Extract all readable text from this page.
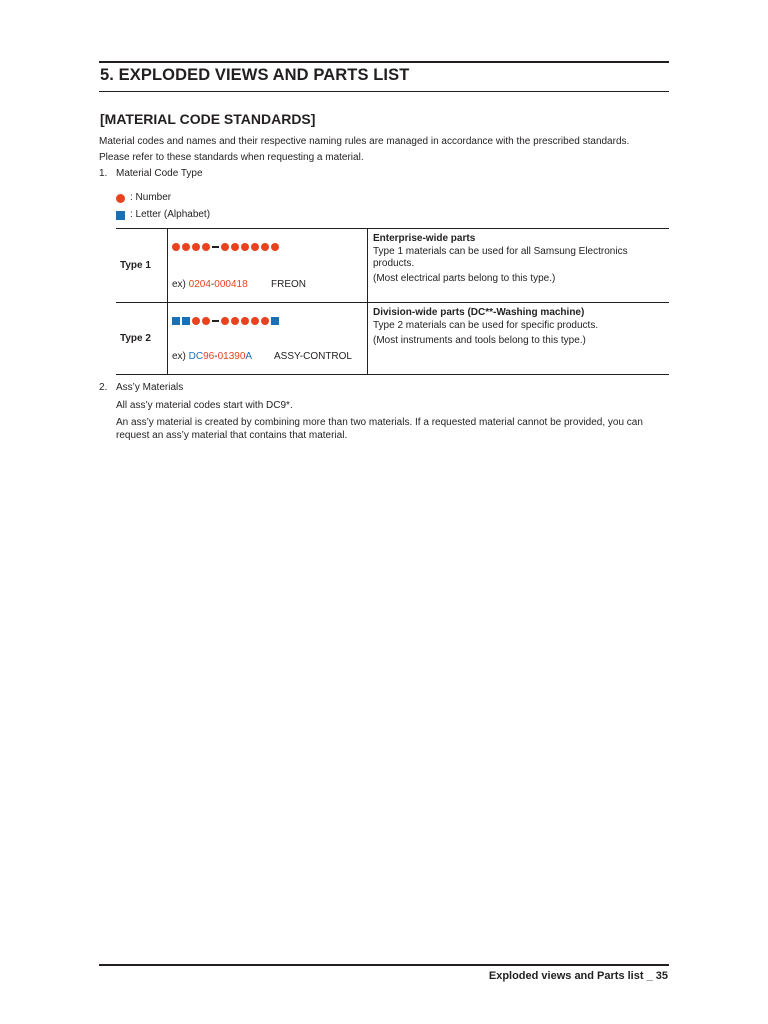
5. EXPLODED VIEWS AND PARTS LIST
[MATERIAL CODE STANDARDS]
Material codes and names and their respective naming rules are managed in accordance with the prescribed standards.
Please refer to these standards when requesting a material.
1. Material Code Type
: Number
: Letter (Alphabet)
Type 1	ex) 0204-000418 FREON	Enterprise-wide parts
Type 1 materials can be used for all Samsung Electronics products.
(Most electrical parts belong to this type.)

Type 2	ex) DC96-01390A ASSY-CONTROL	Division-wide parts (DC**-Washing machine)
Type 2 materials can be used for specific products.
(Most instruments and tools belong to this type.)
2. Ass’y Materials
All ass’y material codes start with DC9*.
An ass’y material is created by combining more than two materials. If a requested material cannot be provided, you can request an ass’y material that contains that material.
Exploded views and Parts list _ 35
